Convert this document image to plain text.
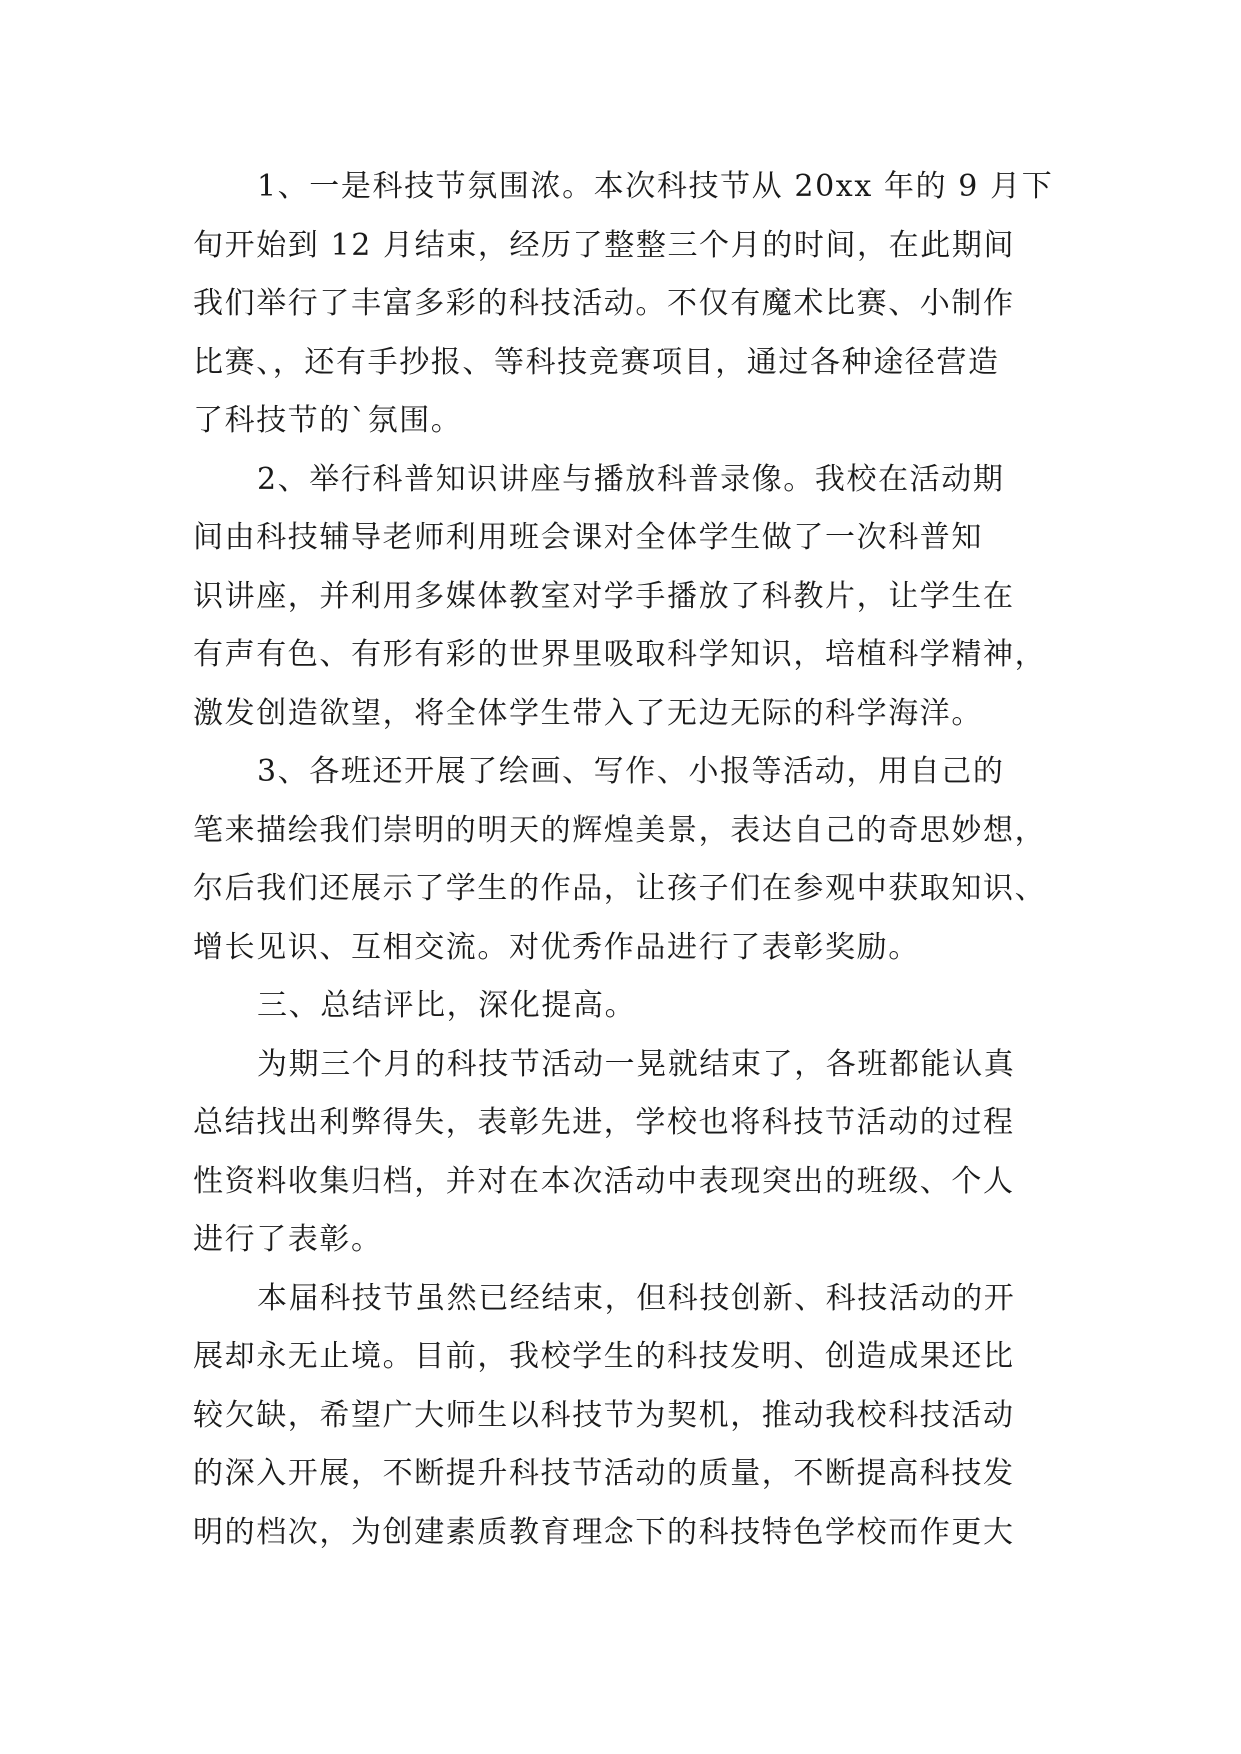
1、一是科技节氛围浓。本次科技节从 20xx 年的 9 月下
旬开始到 12 月结束，经历了整整三个月的时间，在此期间
我们举行了丰富多彩的科技活动。不仅有魔术比赛、小制作
比赛、，还有手抄报、等科技竞赛项目，通过各种途径营造
了科技节的`氛围。

2、举行科普知识讲座与播放科普录像。我校在活动期
间由科技辅导老师利用班会课对全体学生做了一次科普知
识讲座，并利用多媒体教室对学手播放了科教片，让学生在
有声有色、有形有彩的世界里吸取科学知识，培植科学精神，
激发创造欲望，将全体学生带入了无边无际的科学海洋。

3、各班还开展了绘画、写作、小报等活动，用自己的
笔来描绘我们崇明的明天的辉煌美景，表达自己的奇思妙想，
尔后我们还展示了学生的作品，让孩子们在参观中获取知识、
增长见识、互相交流。对优秀作品进行了表彰奖励。

三、总结评比，深化提高。

为期三个月的科技节活动一晃就结束了，各班都能认真
总结找出利弊得失，表彰先进，学校也将科技节活动的过程
性资料收集归档，并对在本次活动中表现突出的班级、个人
进行了表彰。

本届科技节虽然已经结束，但科技创新、科技活动的开
展却永无止境。目前，我校学生的科技发明、创造成果还比
较欠缺，希望广大师生以科技节为契机，推动我校科技活动
的深入开展，不断提升科技节活动的质量，不断提高科技发
明的档次，为创建素质教育理念下的科技特色学校而作更大
